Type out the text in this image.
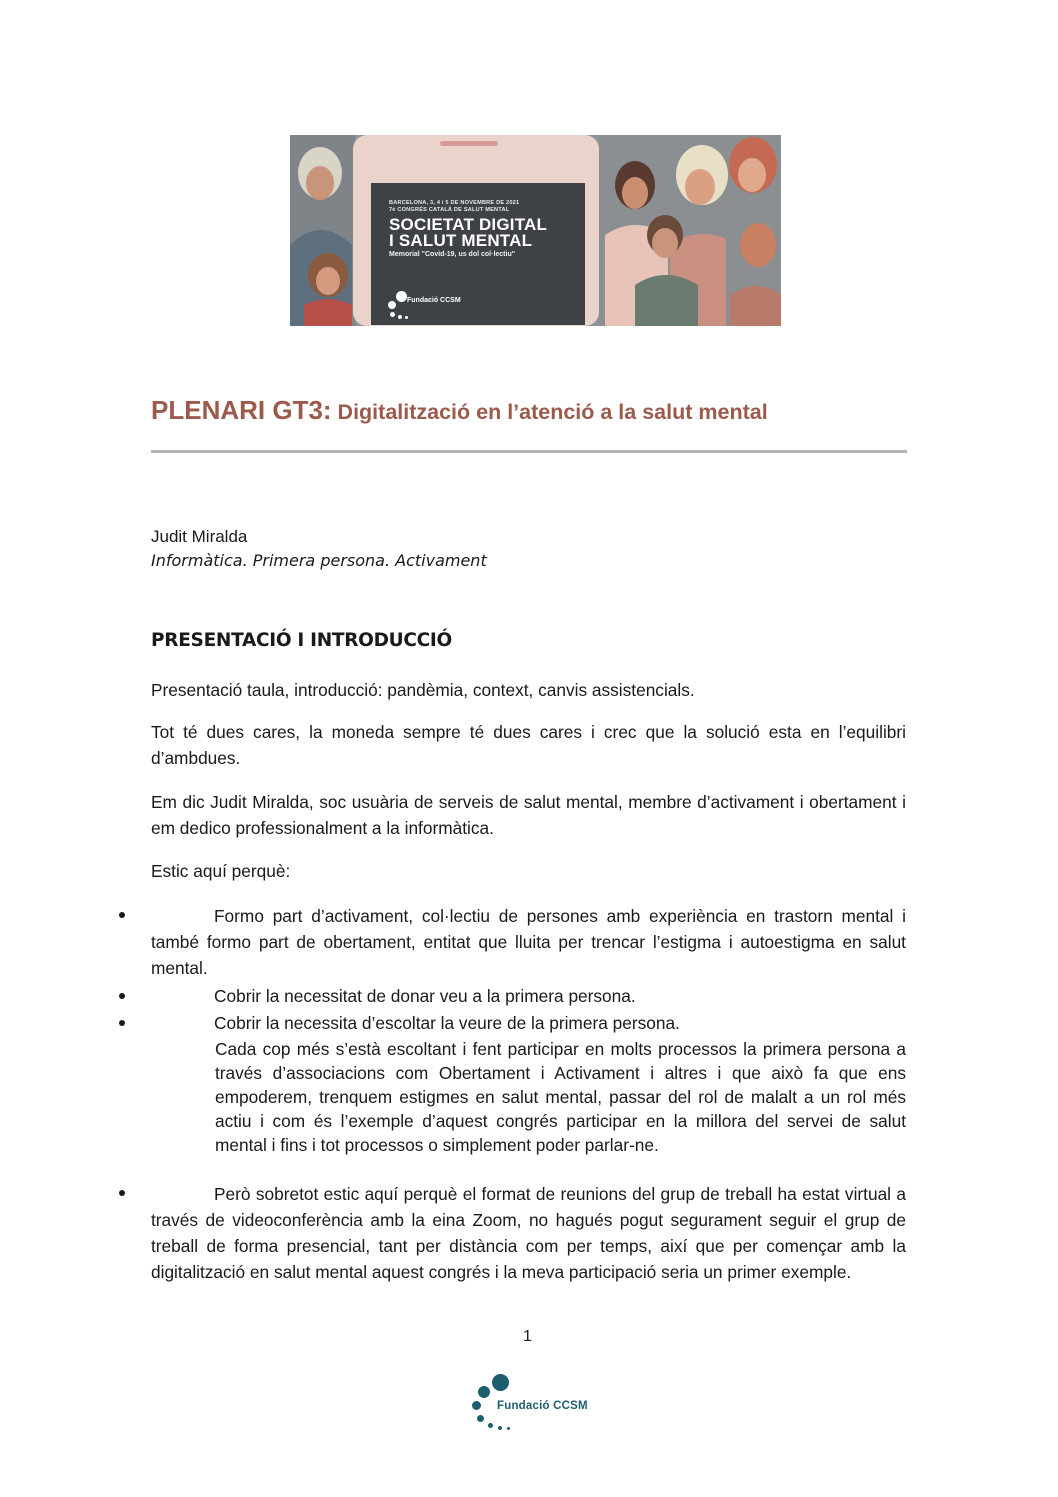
BARCELONA, 3, 4 i 5 DE NOVEMBRE DE 2021
7è CONGRÉS CATALÀ DE SALUT MENTAL
SOCIETAT DIGITAL
I SALUT MENTAL
Memorial "Covid-19, us dol col·lectiu"
Fundació CCSM
PLENARI GT3: Digitalització en l’atenció a la salut mental
Judit Miralda
Informàtica. Primera persona. Activament
PRESENTACIÓ I INTRODUCCIÓ

Presentació taula, introducció: pandèmia, context, canvis assistencials.

Tot té dues cares, la moneda sempre té dues cares i crec que la solució esta en l’equilibri d’ambdues.

Em dic Judit Miralda, soc usuària de serveis de salut mental, membre d’activament i obertament i em dedico professionalment a la informàtica.

Estic aquí perquè:

Formo part d’activament, col·lectiu de persones amb experiència en trastorn mental i també formo part de obertament, entitat que lluita per trencar l’estigma i autoestigma en salut mental.

Cobrir la necessitat de donar veu a la primera persona.

Cobrir la necessita d’escoltar la veure de la primera persona.

Cada cop més s’està escoltant i fent participar en molts processos la primera persona a través d’associacions com Obertament i Activament i altres i que això fa que ens empoderem, trenquem estigmes en salut mental, passar del rol de malalt a un rol més actiu i com és l’exemple d’aquest congrés participar en la millora del servei de salut mental i fins i tot processos o simplement poder parlar-ne.

Però sobretot estic aquí perquè el format de reunions del grup de treball ha estat virtual a través de videoconferència amb la eina Zoom, no hagués pogut segurament seguir el grup de treball de forma presencial, tant per distància com per temps, així que per començar amb la digitalització en salut mental aquest congrés i la meva participació seria un primer exemple.

1
Fundació CCSM
